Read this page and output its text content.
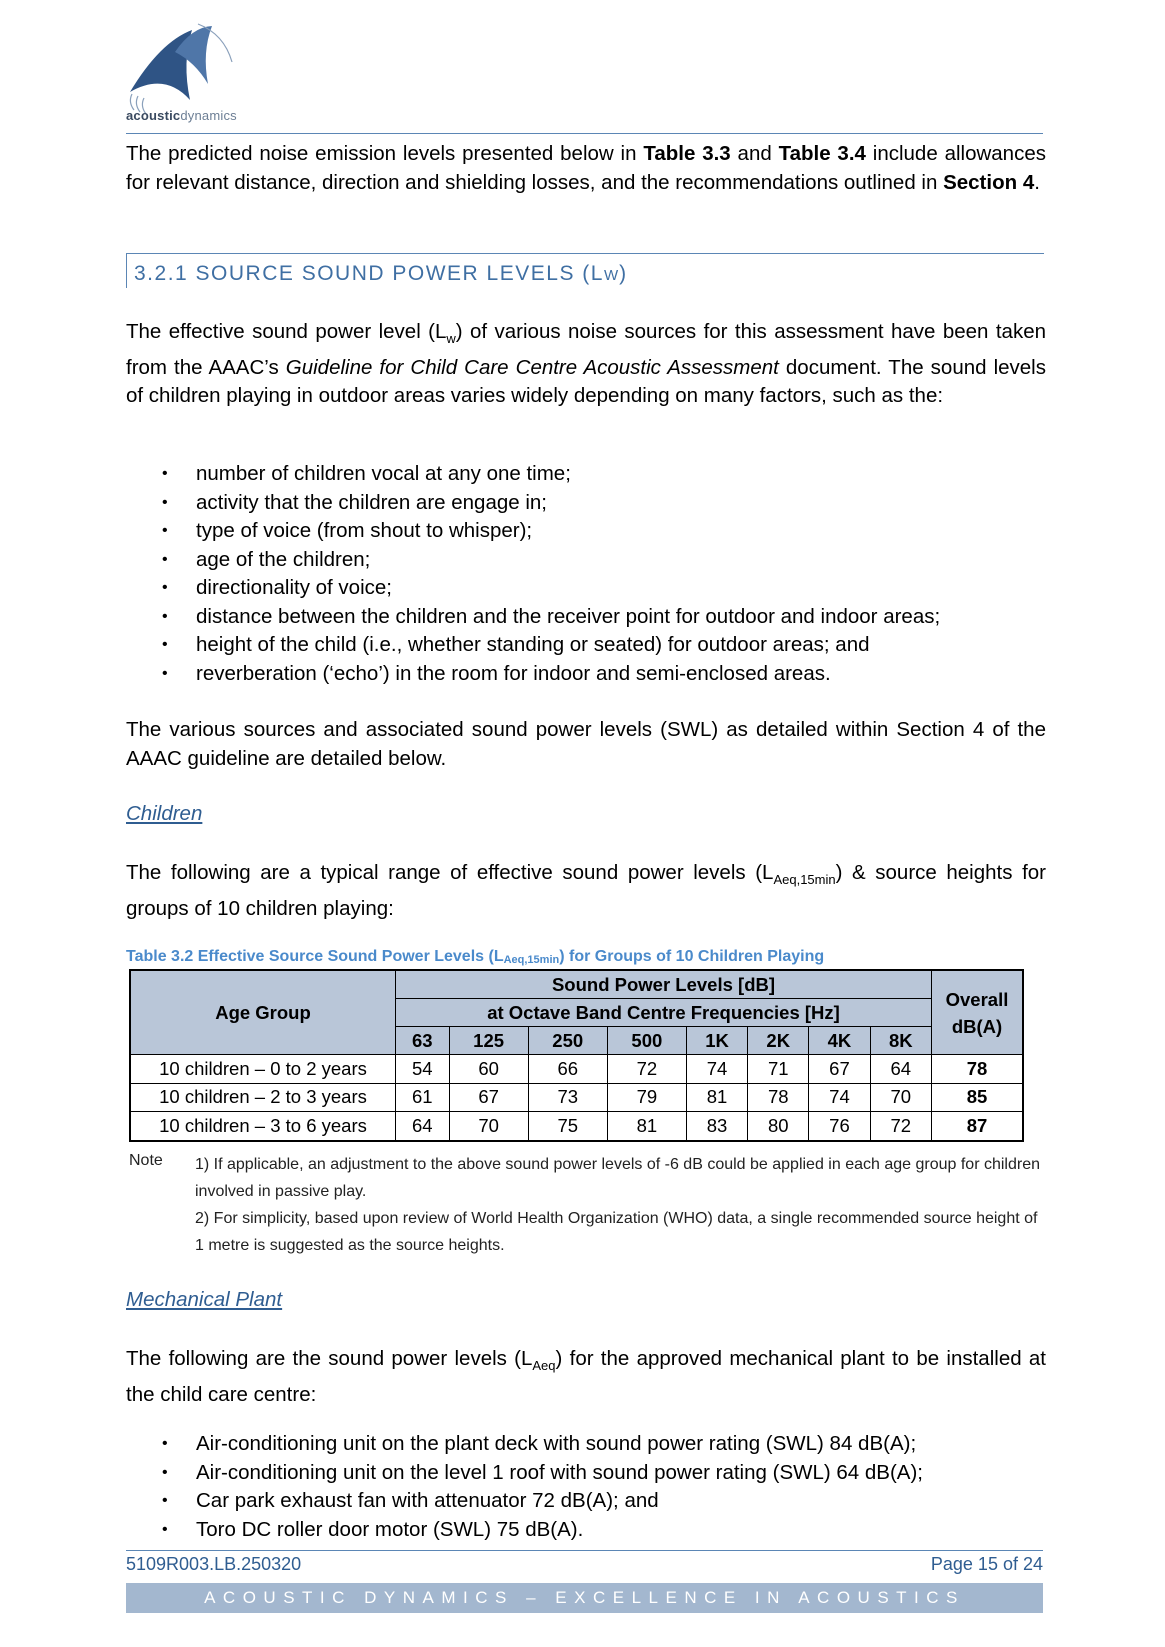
acousticdynamics
The predicted noise emission levels presented below in Table 3.3 and Table 3.4 include allowances for relevant distance, direction and shielding losses, and the recommendations outlined in Section 4.
3.2.1 SOURCE SOUND POWER LEVELS (LW)
The effective sound power level $(L_w)$ of various noise sources for this assessment have been taken from the AAAC’s Guideline for Child Care Centre Acoustic Assessment document. The sound levels of children playing in outdoor areas varies widely depending on many factors, such as the:
• number of children vocal at any one time;
• activity that the children are engage in;
• type of voice (from shout to whisper);
• age of the children;
• directionality of voice;
• distance between the children and the receiver point for outdoor and indoor areas;
• height of the child (i.e., whether standing or seated) for outdoor areas; and
• reverberation (‘echo’) in the room for indoor and semi-enclosed areas.
The various sources and associated sound power levels (SWL) as detailed within Section 4 of the AAAC guideline are detailed below.
Children
The following are a typical range of effective sound power levels $(L_{Aeq,15min})$ & source heights for groups of 10 children playing:
Table 3.2 Effective Source Sound Power Levels $(L_{Aeq,15min})$ for Groups of 10 Children Playing
Age Group	Sound Power Levels [dB]								Overall
dB(A)
	at Octave Band Centre Frequencies [Hz]								
	63	125	250	500	1K	2K	4K	8K	
10 children – 0 to 2 years	54	60	66	72	74	71	67	64	78
10 children – 2 to 3 years	61	67	73	79	81	78	74	70	85
10 children – 3 to 6 years	64	70	75	81	83	80	76	72	87
Note 1) If applicable, an adjustment to the above sound power levels of -6 dB could be applied in each age group for children involved in passive play.
2) For simplicity, based upon review of World Health Organization (WHO) data, a single recommended source height of 1 metre is suggested as the source heights.
Mechanical Plant
The following are the sound power levels $(L_{Aeq})$ for the approved mechanical plant to be installed at the child care centre:
• Air-conditioning unit on the plant deck with sound power rating (SWL) 84 dB(A);
• Air-conditioning unit on the level 1 roof with sound power rating (SWL) 64 dB(A);
• Car park exhaust fan with attenuator 72 dB(A); and
• Toro DC roller door motor (SWL) 75 dB(A).
5109R003.LB.250320	Page 15 of 24
ACOUSTIC DYNAMICS – EXCELLENCE IN ACOUSTICS
